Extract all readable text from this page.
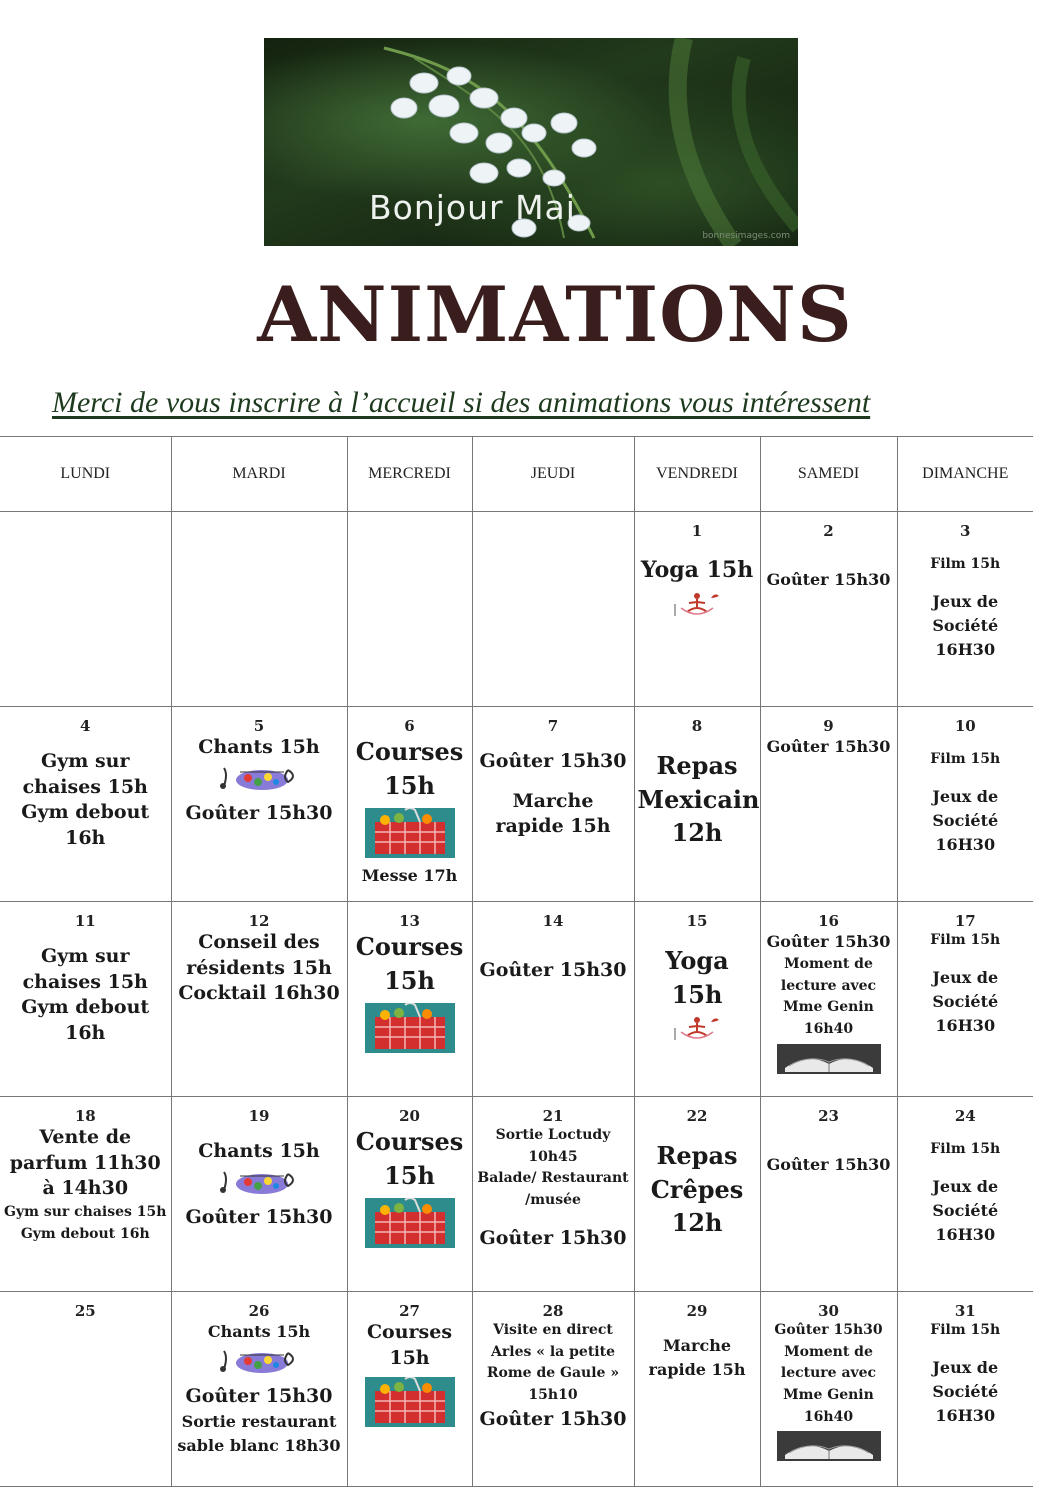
Bonjour Mai
bonnesimages.com
ANIMATIONS
Merci de vous inscrire à l’accueil si des animations vous intéressent
LUNDI	MARDI	MERCREDI	JEUDI	VENDREDI	SAMEDI	DIMANCHE

				1
Yoga 15h	2
Goûter 15h30	3
Film 15h
Jeux de Société 16H30

4
Gym sur chaises 15h
Gym debout 16h	5
Chants 15h
Goûter 15h30	6
Courses 15h
Messe 17h	7
Goûter 15h30
Marche rapide 15h	8
Repas Mexicain 12h	9
Goûter 15h30	10
Film 15h
Jeux de Société 16H30

11
Gym sur chaises 15h
Gym debout 16h	12
Conseil des résidents 15h
Cocktail 16h30	13
Courses 15h	14
Goûter 15h30	15
Yoga 15h	16
Goûter 15h30
Moment de lecture avec Mme Genin 16h40	17
Film 15h
Jeux de Société 16H30

18
Vente de parfum 11h30 à 14h30
Gym sur chaises 15h
Gym debout 16h	19
Chants 15h
Goûter 15h30	20
Courses 15h	21
Sortie Loctudy 10h45
Balade/ Restaurant /musée
Goûter 15h30	22
Repas Crêpes 12h	23
Goûter 15h30	24
Film 15h
Jeux de Société 16H30

25	26
Chants 15h
Goûter 15h30
Sortie restaurant sable blanc 18h30	27
Courses 15h	28
Visite en direct Arles « la petite Rome de Gaule » 15h10
Goûter 15h30	29
Marche rapide 15h	30
Goûter 15h30
Moment de lecture avec Mme Genin 16h40	31
Film 15h
Jeux de Société 16H30
